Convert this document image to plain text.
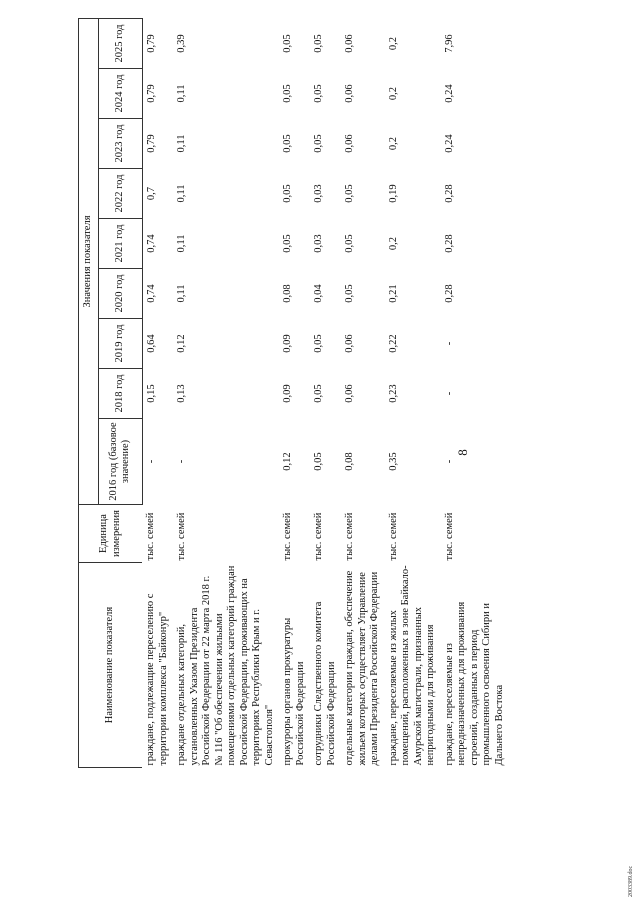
8
2003389.doc
Наименование показателя	Единица измерения	Значения показателя								
		2016 год (базовое значение)	2018 год	2019 год	2020 год	2021 год	2022 год	2023 год	2024 год	2025 год
граждане, подлежащие переселению с территории комплекса "Байконур"	тыс. семей	-	0,15	0,64	0,74	0,74	0,7	0,79	0,79	0,79
граждане отдельных категорий, установленных Указом Президента Российской Федерации от 22 марта 2018 г. № 116 "Об обеспечении жильыми помещениями отдельных категорий граждан Российской Федерации, проживающих на территориях Республики Крым и г. Севастополя"	тыс. семей	-	0,13	0,12	0,11	0,11	0,11	0,11	0,11	0,39
прокуроры органов прокуратуры Российской Федерации	тыс. семей	0,12	0,09	0,09	0,08	0,05	0,05	0,05	0,05	0,05
сотрудники Следственного комитета Российской Федерации	тыс. семей	0,05	0,05	0,05	0,04	0,03	0,03	0,05	0,05	0,05
отдельные категории граждан, обеспечение жильем которых осуществляет Управление делами Президента Российской Федерации	тыс. семей	0,08	0,06	0,06	0,05	0,05	0,05	0,06	0,06	0,06
граждане, переселяемые из жилых помещений, расположенных в зоне Байкало-Амурской магистрали, признанных непригодными для проживания	тыс. семей	0,35	0,23	0,22	0,21	0,2	0,19	0,2	0,2	0,2
граждане, переселяемые из непредназначенных для проживания строений, созданных в период промышленного освоения Сибири и Дальнего Востока	тыс. семей	-	-	-	0,28	0,28	0,28	0,24	0,24	7,96
